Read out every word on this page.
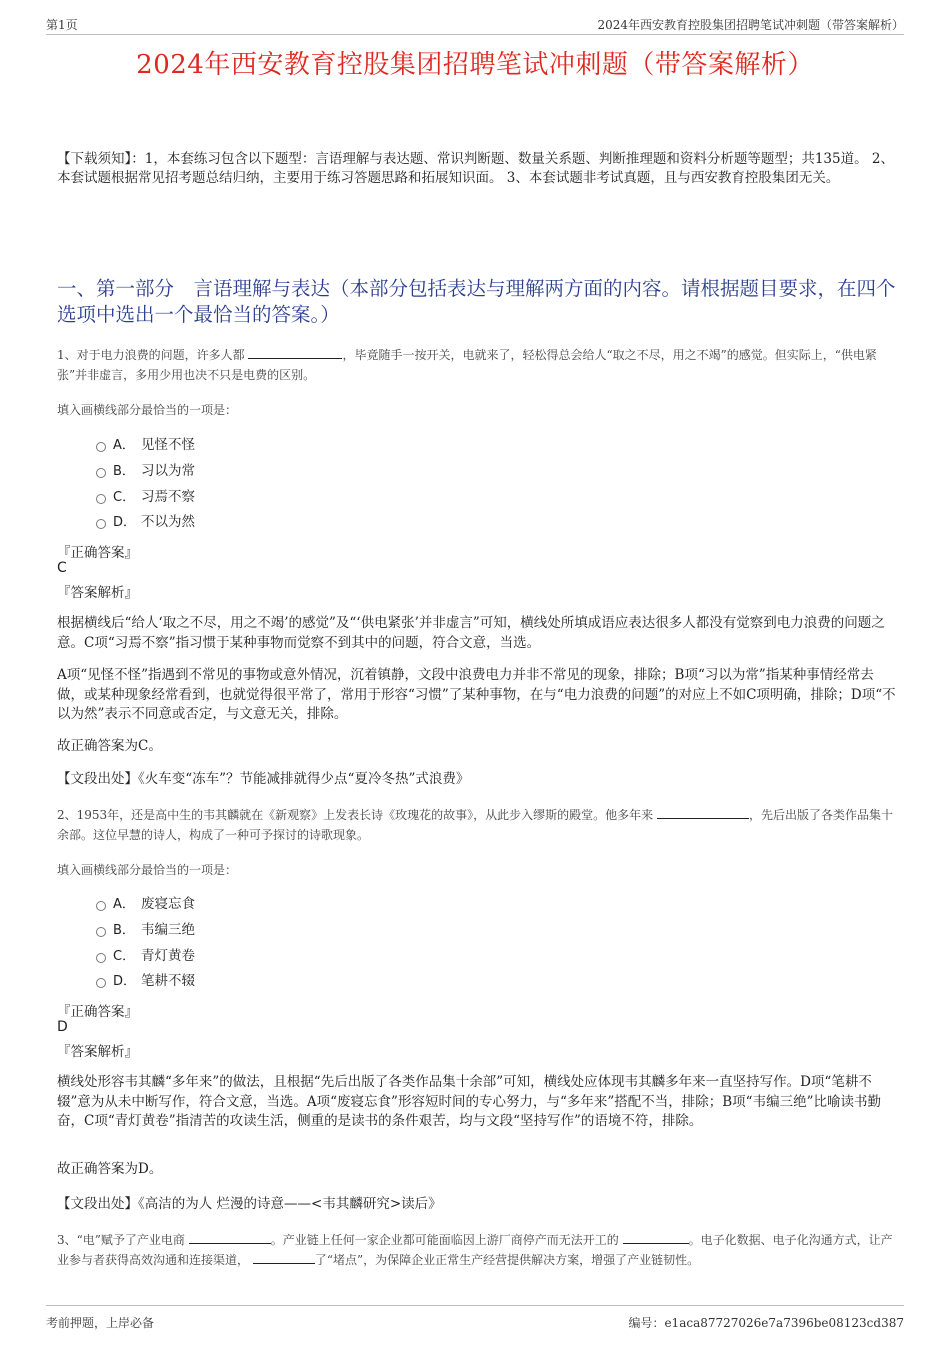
第1页	2024年西安教育控股集团招聘笔试冲刺题（带答案解析）
2024年西安教育控股集团招聘笔试冲刺题（带答案解析）
【下载须知】：1，本套练习包含以下题型：言语理解与表达题、常识判断题、数量关系题、判断推理题和资料分析题等题型；共135道。 2、本套试题根据常见招考题总结归纳，主要用于练习答题思路和拓展知识面。 3、本套试题非考试真题，且与西安教育控股集团无关。
一、第一部分　言语理解与表达（本部分包括表达与理解两方面的内容。请根据题目要求，在四个选项中选出一个最恰当的答案。）
1、对于电力浪费的问题，许多人都	，毕竟随手一按开关，电就来了，轻松得总会给人“取之不尽，用之不竭”的感觉。但实际上，“供电紧张”并非虚言，多用少用也决不只是电费的区别。
填入画横线部分最恰当的一项是：
A． 见怪不怪
B． 习以为常
C． 习焉不察
D． 不以为然
『正确答案』
C
『答案解析』
根据横线后“给人‘取之不尽，用之不竭’的感觉”及“‘供电紧张’并非虚言”可知，横线处所填成语应表达很多人都没有觉察到电力浪费的问题之意。C项“习焉不察”指习惯于某种事物而觉察不到其中的问题，符合文意，当选。
A项“见怪不怪”指遇到不常见的事物或意外情况，沉着镇静，文段中浪费电力并非不常见的现象，排除；B项“习以为常”指某种事情经常去做，或某种现象经常看到，也就觉得很平常了，常用于形容“习惯”了某种事物，在与“电力浪费的问题”的对应上不如C项明确，排除；D项“不以为然”表示不同意或否定，与文意无关，排除。
故正确答案为C。
【文段出处】《火车变“冻车”？节能减排就得少点“夏冷冬热”式浪费》
2、1953年，还是高中生的韦其麟就在《新观察》上发表长诗《玫瑰花的故事》，从此步入缪斯的殿堂。他多年来	，先后出版了各类作品集十余部。这位早慧的诗人，构成了一种可予探讨的诗歌现象。
填入画横线部分最恰当的一项是：
A． 废寝忘食
B． 韦编三绝
C． 青灯黄卷
D． 笔耕不辍
『正确答案』
D
『答案解析』
横线处形容韦其麟“多年来”的做法，且根据“先后出版了各类作品集十余部”可知，横线处应体现韦其麟多年来一直坚持写作。D项“笔耕不辍”意为从未中断写作，符合文意，当选。A项“废寝忘食”形容短时间的专心努力，与“多年来”搭配不当，排除；B项“韦编三绝”比喻读书勤奋，C项“青灯黄卷”指清苦的攻读生活，侧重的是读书的条件艰苦，均与文段“坚持写作”的语境不符，排除。
故正确答案为D。
【文段出处】《高洁的为人 烂漫的诗意——<韦其麟研究>读后》
3、“电”赋予了产业电商	。产业链上任何一家企业都可能面临因上游厂商停产而无法开工的	。电子化数据、电子化沟通方式，让产业参与者获得高效沟通和连接渠道，	了“堵点”，为保障企业正常生产经营提供解决方案，增强了产业链韧性。
考前押题，上岸必备	编号：e1aca87727026e7a7396be08123cd387
